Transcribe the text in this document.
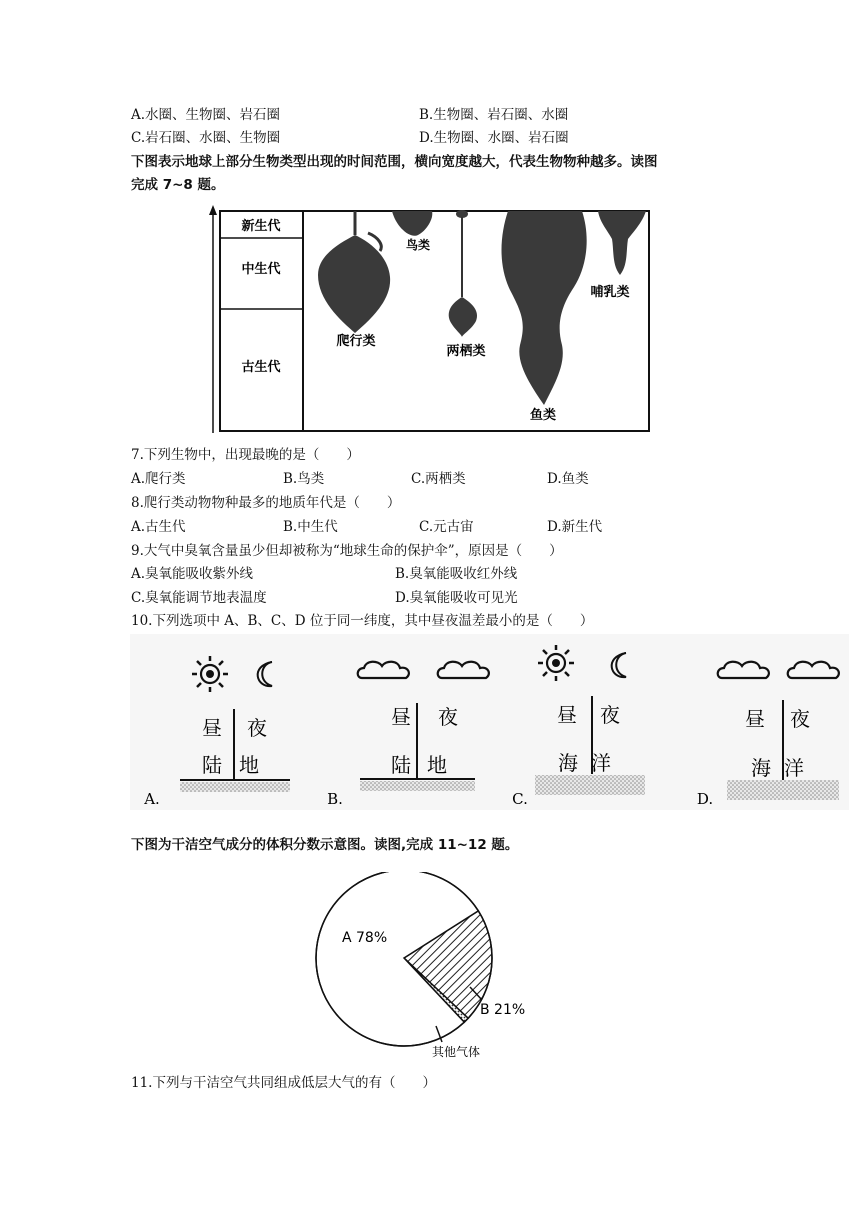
A.水圈、生物圈、岩石圈	B.生物圈、岩石圈、水圈
C.岩石圈、水圈、生物圈	D.生物圈、水圈、岩石圈
下图表示地球上部分生物类型出现的时间范围，横向宽度越大，代表生物物种越多。读图
完成 7~8 题。
新生代
中生代
古生代
爬行类
鸟类
两栖类
鱼类
哺乳类
7.下列生物中，出现最晚的是（　　）
A.爬行类	B.鸟类	C.两栖类	D.鱼类
8.爬行类动物物种最多的地质年代是（　　）
A.古生代	B.中生代	C.元古宙	D.新生代
9.大气中臭氧含量虽少但却被称为“地球生命的保护伞”，原因是（　　）
A.臭氧能吸收紫外线	B.臭氧能吸收红外线
C.臭氧能调节地表温度	D.臭氧能吸收可见光
10.下列选项中 A、B、C、D 位于同一纬度，其中昼夜温差最小的是（　　）
昼 夜
陆 地
A.
昼 夜
陆 地
B.
昼 夜
海 洋
C.
昼 夜
海 洋
D.
下图为干洁空气成分的体积分数示意图。读图,完成 11~12 题。
A 78%
B 21%
其他气体
11.下列与干洁空气共同组成低层大气的有（　　）
